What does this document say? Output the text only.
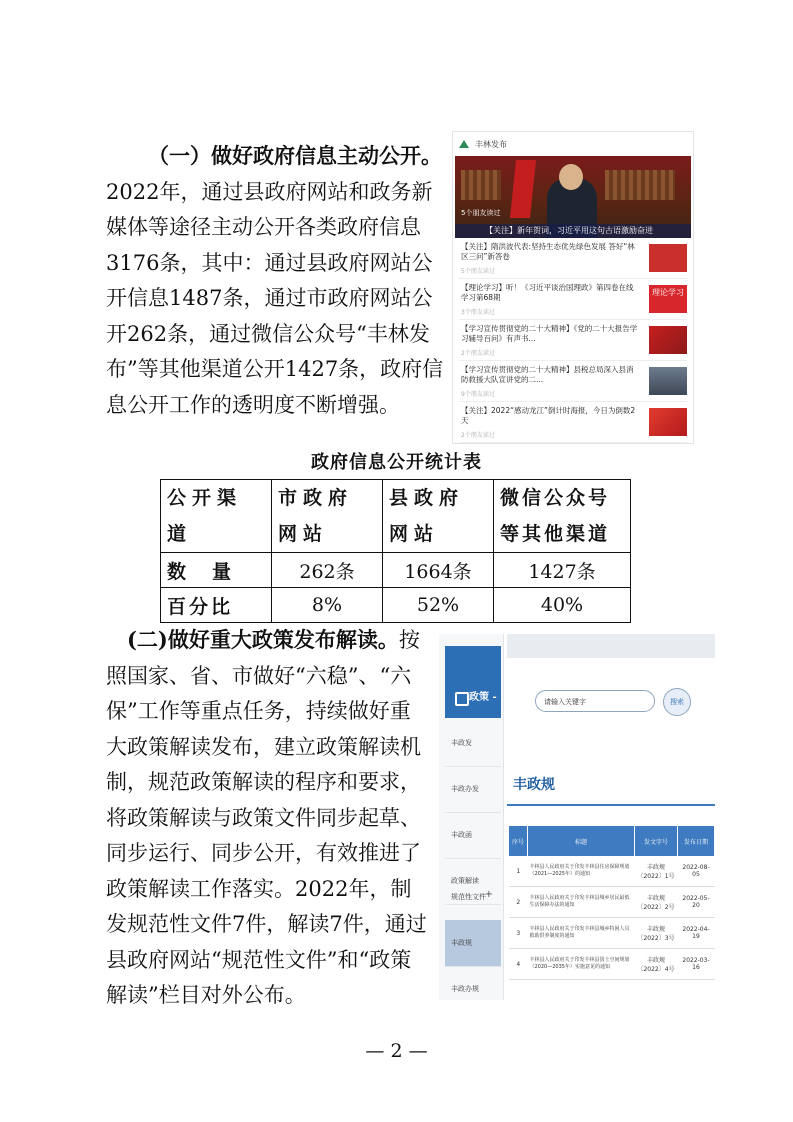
  （一）做好政府信息主动公开。2022年，通过县政府网站和政务新媒体等途径主动公开各类政府信息3176条，其中：通过县政府网站公开信息1487条，通过市政府网站公开262条，通过微信公众号“丰林发布”等其他渠道公开1427条，政府信息公开工作的透明度不断增强。

丰林发布
5个朋友读过
【关注】新年贺词，习近平用这句古语激励奋进
【关注】隋洪波代表:坚持生态优先绿色发展 答好“林区三问”新答卷
5个朋友读过
【理论学习】听！《习近平谈治国理政》第四卷在线学习第68期
3个朋友读过
理论学习
【学习宣传贯彻党的二十大精神】《党的二十大报告学习辅导百问》有声书...
2个朋友读过
【学习宣传贯彻党的二十大精神】县税总局深入县消防救援大队宣讲党的二...
9个朋友读过
【关注】2022“感动龙江”倒计时海报，今日为倒数2天
2个朋友读过
政府信息公开统计表
公开渠道	市政府网站	县政府网站	微信公众号等其他渠道
数量	262条	1664条	1427条
百分比	8%	52%	40%

 (二)做好重大政策发布解读。按照国家、省、市做好“六稳”、“六保”工作等重点任务，持续做好重大政策解读发布，建立政策解读机制，规范政策解读的程序和要求，将政策解读与政策文件同步起草、同步运行、同步公开，有效推进了政策解读工作落实。2022年，制发规范性文件7件，解读7件，通过县政府网站“规范性文件”和“政策解读”栏目对外公布。

政策 -
丰政发
丰政办发
丰政函
政策解读
规范性文件
+
丰政规
丰政办规
请输入关键字	搜索
丰政规
序号	标题	发文字号	发布日期
1	丰林县人民政府关于印发丰林县住房保障规划（2021—2025年）的通知	丰政规〔2022〕1号	2022-08-05
2	丰林县人民政府关于印发丰林县城乡居民最低生活保障办法的通知	丰政规〔2022〕2号	2022-05-20
3	丰林县人民政府关于印发丰林县城乡特困人员救助供养制度的通知	丰政规〔2022〕3号	2022-04-19
4	丰林县人民政府关于印发丰林县国土空间规划（2020—2035年）实施意见的通知	丰政规〔2022〕4号	2022-03-16
— 2 —
